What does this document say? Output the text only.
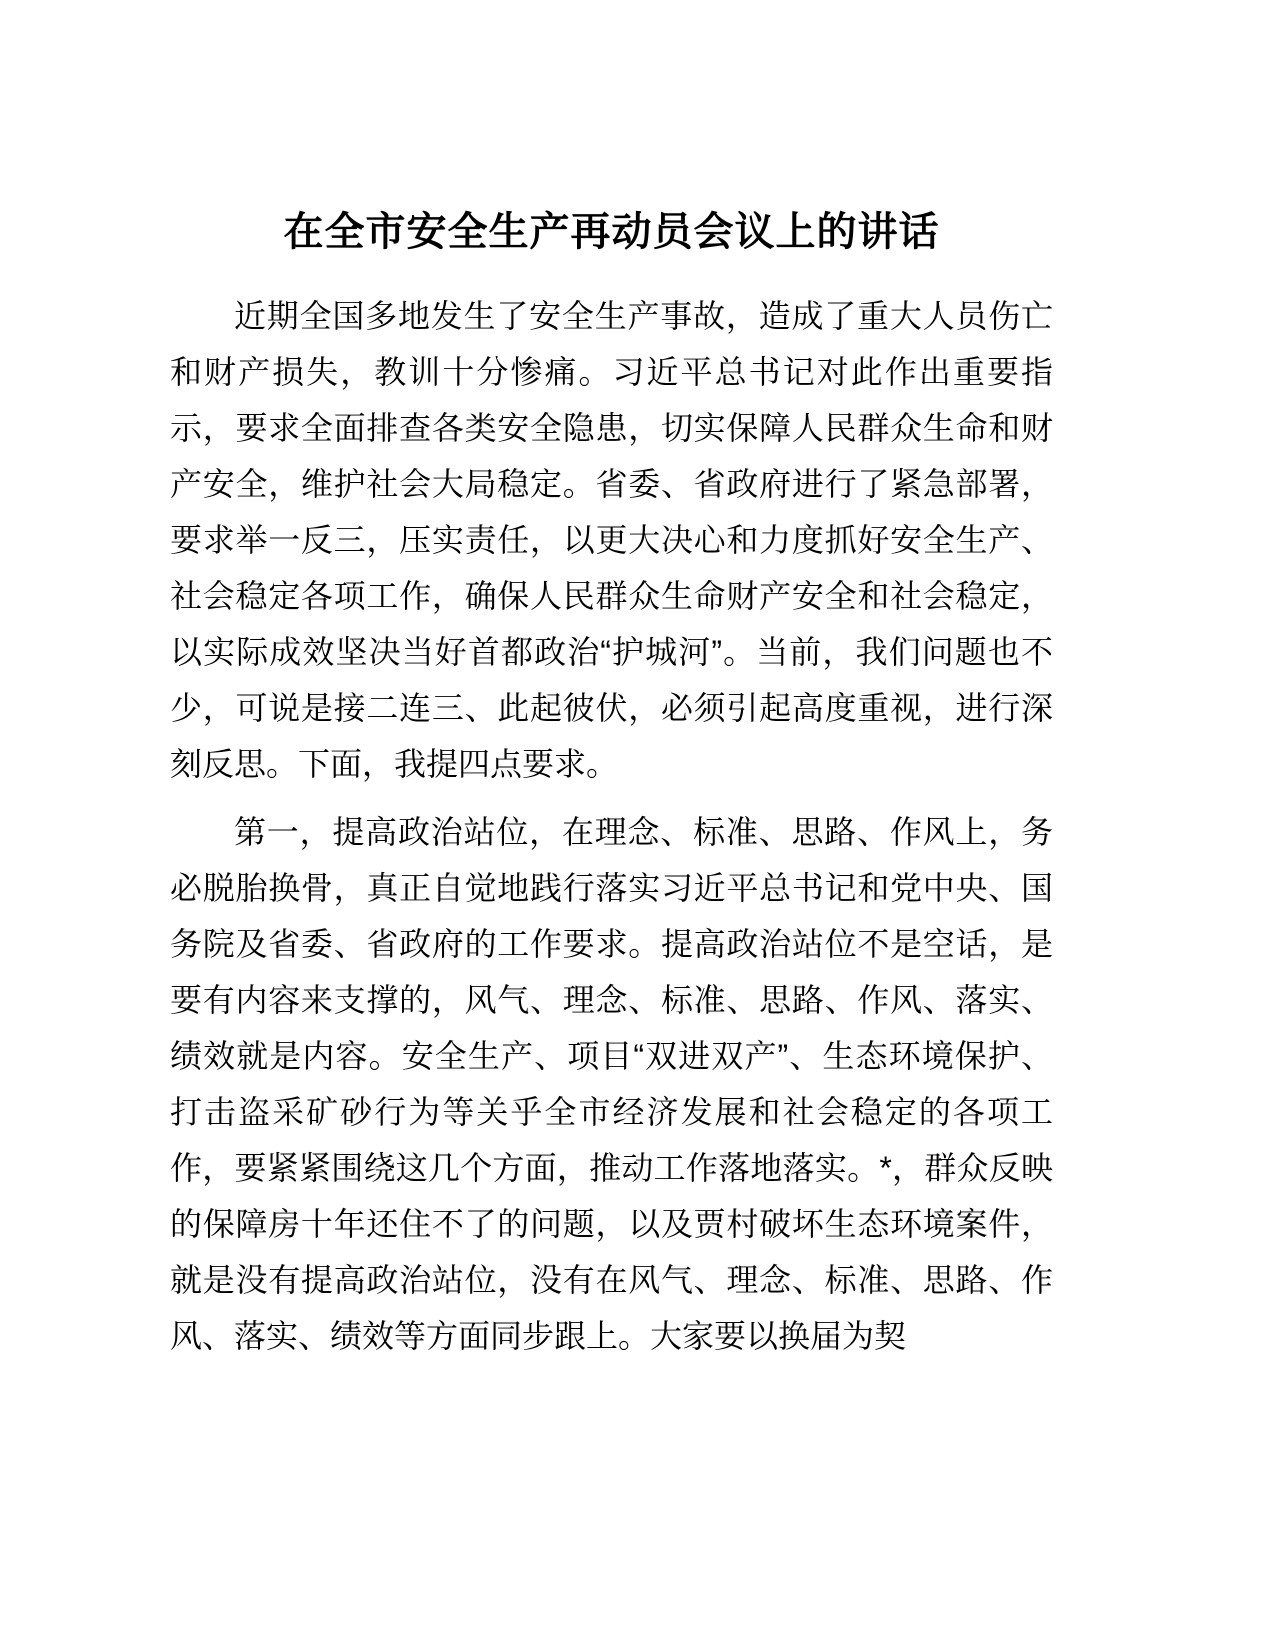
在全市安全生产再动员会议上的讲话

近期全国多地发生了安全生产事故，造成了重大人员伤亡和财产损失，教训十分惨痛。习近平总书记对此作出重要指示，要求全面排查各类安全隐患，切实保障人民群众生命和财产安全，维护社会大局稳定。省委、省政府进行了紧急部署，要求举一反三，压实责任，以更大决心和力度抓好安全生产、社会稳定各项工作，确保人民群众生命财产安全和社会稳定，以实际成效坚决当好首都政治“护城河”。当前，我们问题也不少，可说是接二连三、此起彼伏，必须引起高度重视，进行深刻反思。下面，我提四点要求。

第一，提高政治站位，在理念、标准、思路、作风上，务必脱胎换骨，真正自觉地践行落实习近平总书记和党中央、国务院及省委、省政府的工作要求。提高政治站位不是空话，是要有内容来支撑的，风气、理念、标准、思路、作风、落实、绩效就是内容。安全生产、项目“双进双产”、生态环境保护、打击盗采矿砂行为等关乎全市经济发展和社会稳定的各项工作，要紧紧围绕这几个方面，推动工作落地落实。*，群众反映的保障房十年还住不了的问题，以及贾村破坏生态环境案件，就是没有提高政治站位，没有在风气、理念、标准、思路、作风、落实、绩效等方面同步跟上。大家要以换届为契
